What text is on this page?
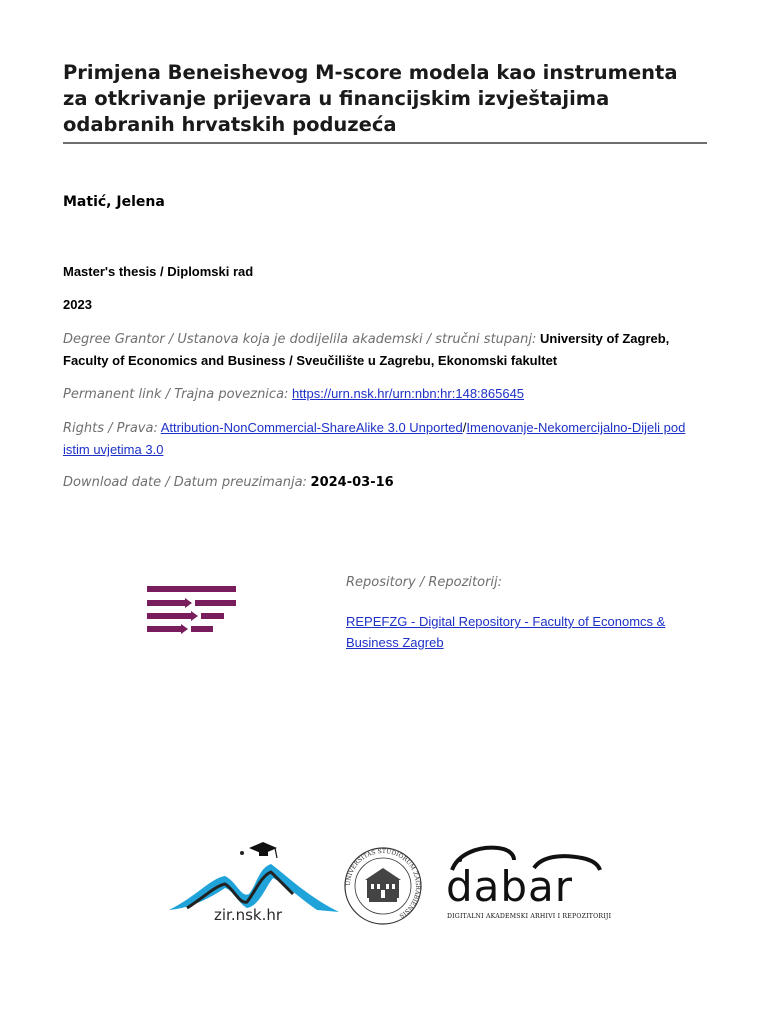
Primjena Beneishevog M-score modela kao instrumenta za otkrivanje prijevara u financijskim izvještajima odabranih hrvatskih poduzeća
Matić, Jelena
Master's thesis / Diplomski rad
2023
Degree Grantor / Ustanova koja je dodijelila akademski / stručni stupanj: University of Zagreb, Faculty of Economics and Business / Sveučilište u Zagrebu, Ekonomski fakultet
Permanent link / Trajna poveznica: https://urn.nsk.hr/urn:nbn:hr:148:865645
Rights / Prava: Attribution-NonCommercial-ShareAlike 3.0 Unported/Imenovanje-Nekomercijalno-Dijeli pod istim uvjetima 3.0
Download date / Datum preuzimanja: 2024-03-16
Repository / Repozitorij:
REPEFZG - Digital Repository - Faculty of Economcs & Business Zagreb
zir.nsk.hr
UNIVERSITAS STUDIORUM ZAGRABIENSIS
dabar
DIGITALNI AKADEMSKI ARHIVI I REPOZITORIJI
